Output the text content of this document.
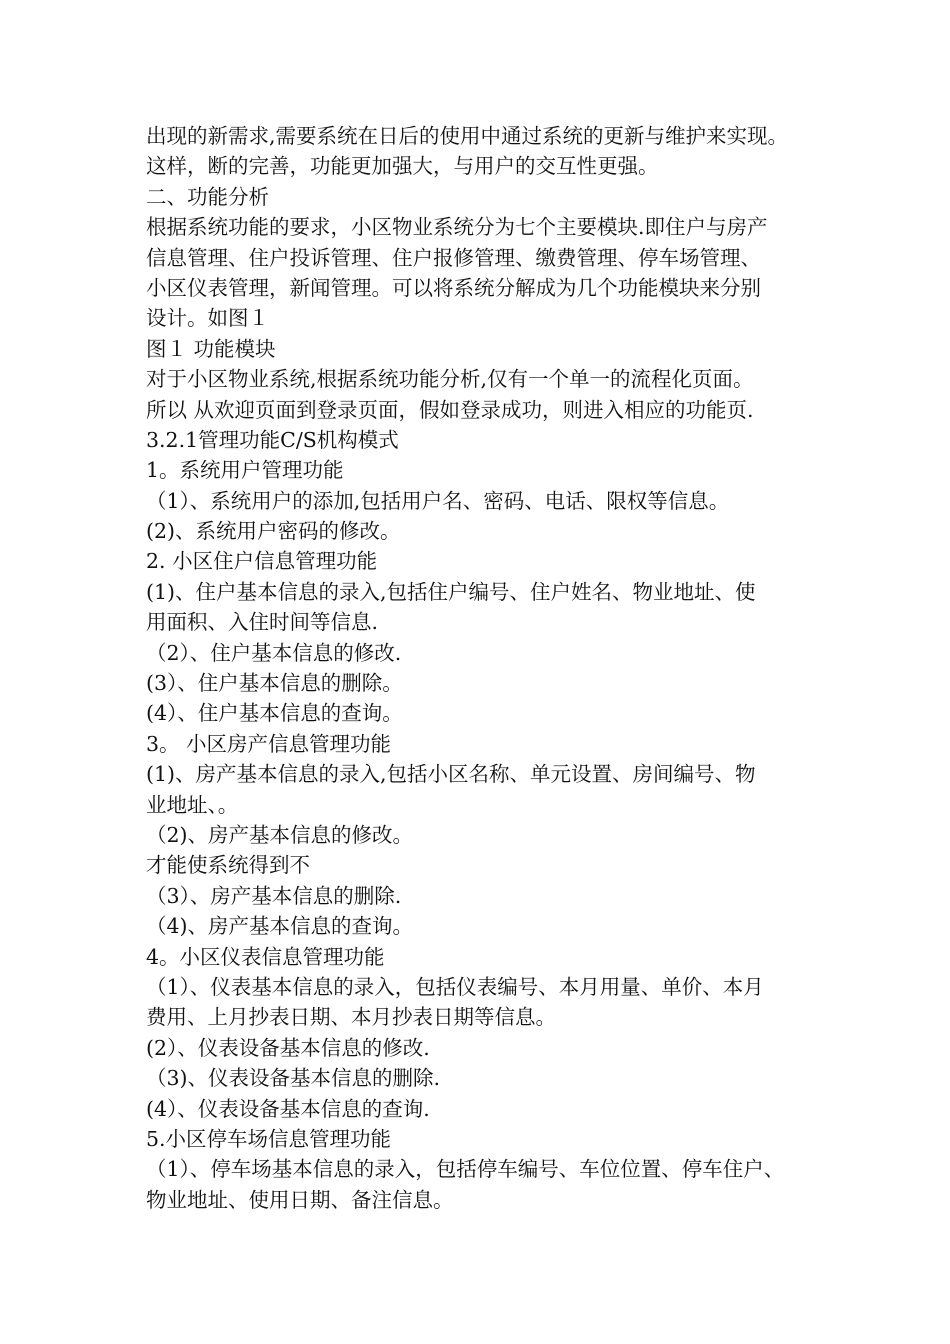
出现的新需求,需要系统在日后的使用中通过系统的更新与维护来实现。
这样，断的完善，功能更加强大，与用户的交互性更强。
二、功能分析
根据系统功能的要求，小区物业系统分为七个主要模块.即住户与房产
信息管理、住户投诉管理、住户报修管理、缴费管理、停车场管理、
小区仪表管理，新闻管理。可以将系统分解成为几个功能模块来分别
设计。如图１
图１ 功能模块
对于小区物业系统,根据系统功能分析,仅有一个单一的流程化页面。
所以 从欢迎页面到登录页面，假如登录成功，则进入相应的功能页.
3.2.1管理功能C/S机构模式
1。系统用户管理功能
（1）、系统用户的添加,包括用户名、密码、电话、限权等信息。
(2)、系统用户密码的修改。
2. 小区住户信息管理功能
(1)、住户基本信息的录入,包括住户编号、住户姓名、物业地址、使
用面积、入住时间等信息.
（2）、住户基本信息的修改.
(3）、住户基本信息的删除。
(4）、住户基本信息的查询。
3。 小区房产信息管理功能
(1)、房产基本信息的录入,包括小区名称、单元设置、房间编号、物
业地址、。
（2)、房产基本信息的修改。
才能使系统得到不
（3）、房产基本信息的删除.
（4)、房产基本信息的查询。
4。小区仪表信息管理功能
（1）、仪表基本信息的录入，包括仪表编号、本月用量、单价、本月
费用、上月抄表日期、本月抄表日期等信息。
(2）、仪表设备基本信息的修改.
（3)、仪表设备基本信息的删除.
(4）、仪表设备基本信息的查询.
5.小区停车场信息管理功能
（1）、停车场基本信息的录入，包括停车编号、车位位置、停车住户、
物业地址、使用日期、备注信息。
